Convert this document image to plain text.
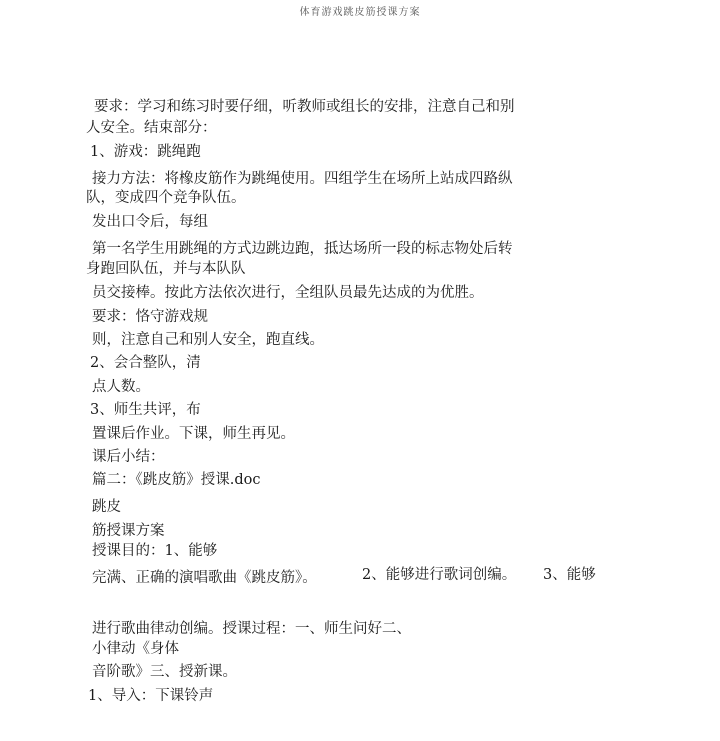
体育游戏跳皮筋授课方案
要求：学习和练习时要仔细，听教师或组长的安排，注意自己和别
人安全。结束部分：
1、游戏：跳绳跑
接力方法：将橡皮筋作为跳绳使用。四组学生在场所上站成四路纵
队，变成四个竞争队伍。
发出口令后，每组
第一名学生用跳绳的方式边跳边跑，抵达场所一段的标志物处后转
身跑回队伍，并与本队队
员交接棒。按此方法依次进行，全组队员最先达成的为优胜。
要求：恪守游戏规
则，注意自己和别人安全，跑直线。
2、会合整队，清
点人数。
3、师生共评，布
置课后作业。下课，师生再见。
课后小结：
篇二：《跳皮筋》授课.doc
跳皮
筋授课方案
授课目的：1、能够
完满、正确的演唱歌曲《跳皮筋》。	2、能够进行歌词创编。 3、能够
进行歌曲律动创编。授课过程：一、师生问好二、
小律动《身体
音阶歌》三、授新课。
1、导入：下课铃声
